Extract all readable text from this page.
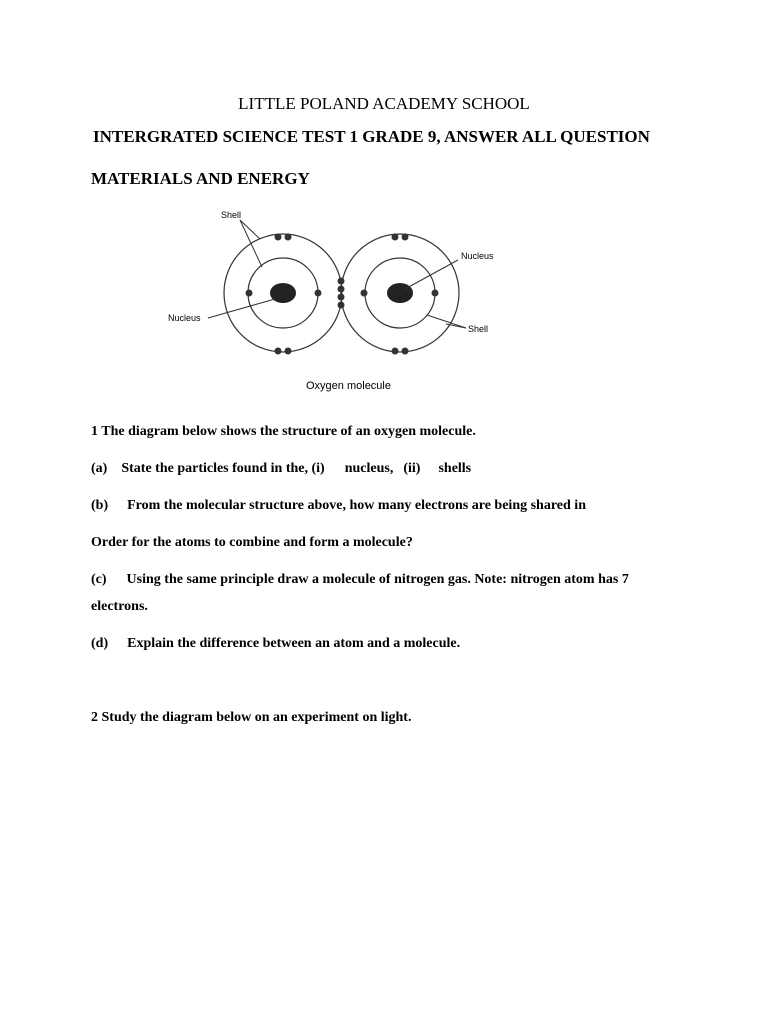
LITTLE POLAND ACADEMY SCHOOL
INTERGRATED SCIENCE TEST 1 GRADE 9, ANSWER ALL QUESTION
MATERIALS AND ENERGY
Shell
Nucleus
Nucleus
Shell
Oxygen molecule
1 The diagram below shows the structure of an oxygen molecule.
(a) State the particles found in the, (i) nucleus, (ii) shells
(b) From the molecular structure above, how many electrons are being shared in
Order for the atoms to combine and form a molecule?
(c) Using the same principle draw a molecule of nitrogen gas. Note: nitrogen atom has 7
electrons.
(d) Explain the difference between an atom and a molecule.
2 Study the diagram below on an experiment on light.
